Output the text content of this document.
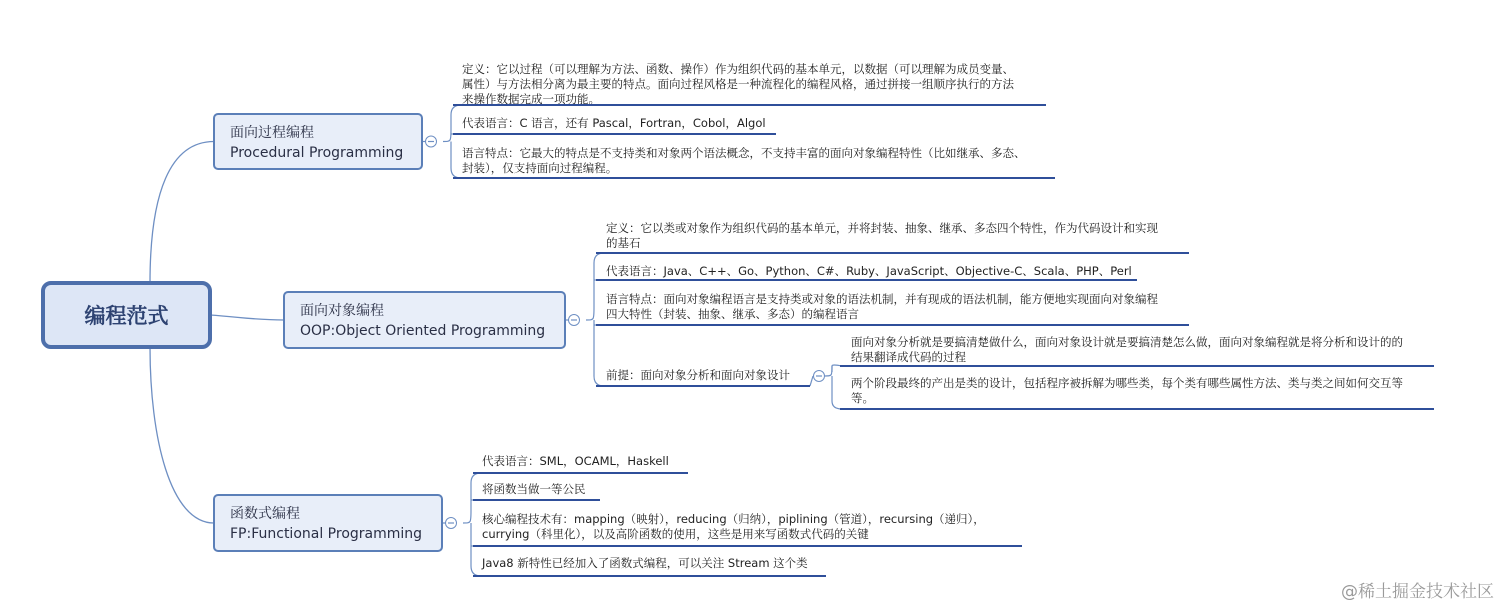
编程范式
面向过程编程
Procedural Programming
定义：它以过程（可以理解为方法、函数、操作）作为组织代码的基本单元，以数据（可以理解为成员变量、属性）与方法相分离为最主要的特点。面向过程风格是一种流程化的编程风格，通过拼接一组顺序执行的方法来操作数据完成一项功能。
代表语言：C 语言，还有 Pascal，Fortran，Cobol，Algol
语言特点：它最大的特点是不支持类和对象两个语法概念，不支持丰富的面向对象编程特性（比如继承、多态、封装），仅支持面向过程编程。
面向对象编程
OOP:Object Oriented Programming
定义：它以类或对象作为组织代码的基本单元，并将封装、抽象、继承、多态四个特性，作为代码设计和实现的基石
代表语言：Java、C++、Go、Python、C#、Ruby、JavaScript、Objective-C、Scala、PHP、Perl
语言特点：面向对象编程语言是支持类或对象的语法机制，并有现成的语法机制，能方便地实现面向对象编程四大特性（封装、抽象、继承、多态）的编程语言
前提：面向对象分析和面向对象设计
面向对象分析就是要搞清楚做什么，面向对象设计就是要搞清楚怎么做，面向对象编程就是将分析和设计的的结果翻译成代码的过程
两个阶段最终的产出是类的设计，包括程序被拆解为哪些类，每个类有哪些属性方法、类与类之间如何交互等等。
函数式编程
FP:Functional Programming
代表语言：SML，OCAML，Haskell
将函数当做一等公民
核心编程技术有：mapping（映射），reducing（归纳），piplining（管道），recursing（递归）， currying（科里化），以及高阶函数的使用，这些是用来写函数式代码的关键
Java8 新特性已经加入了函数式编程，可以关注 Stream 这个类
@稀土掘金技术社区
